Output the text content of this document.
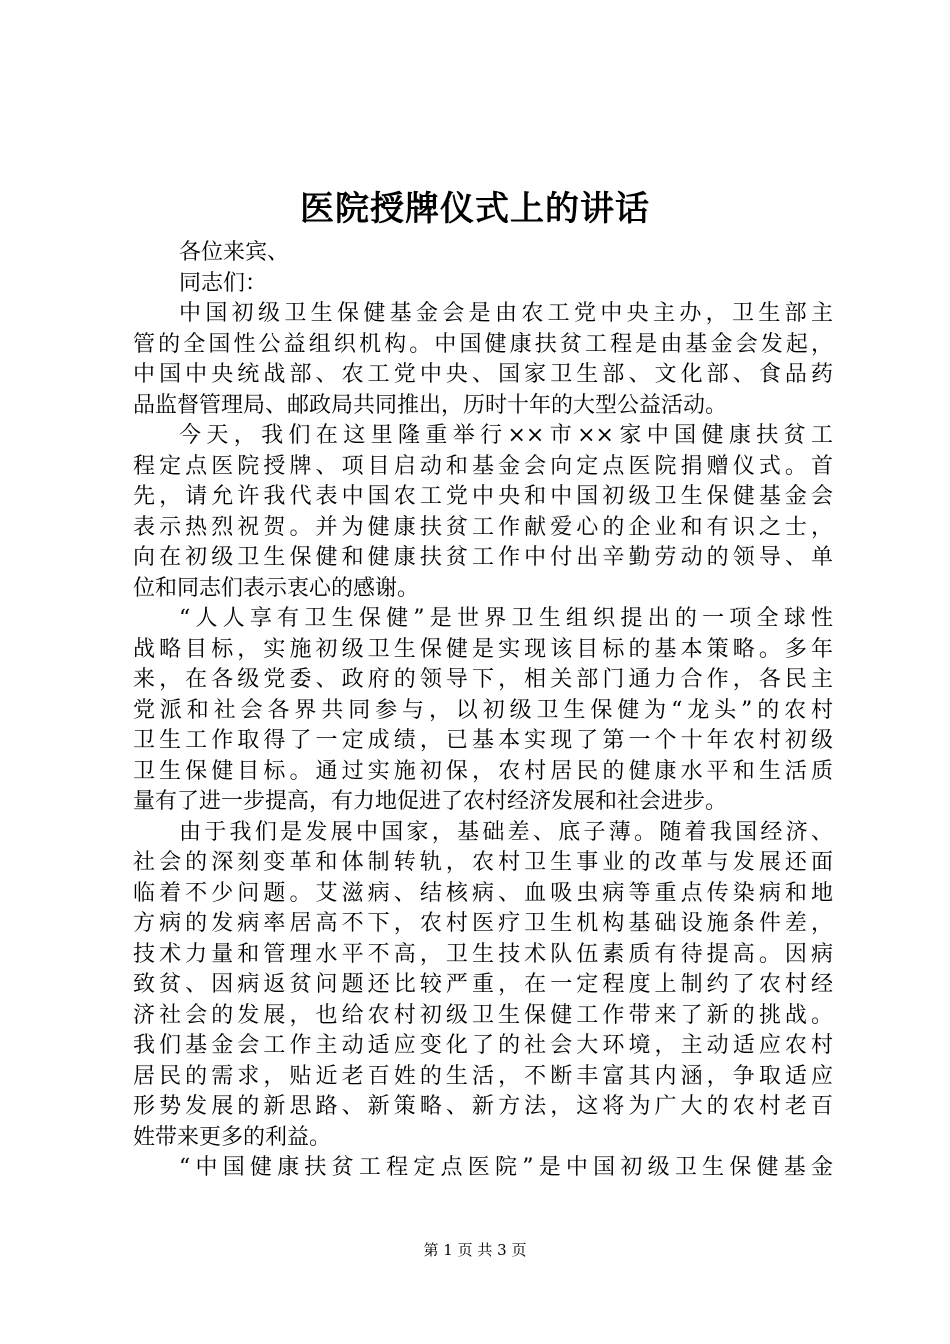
医院授牌仪式上的讲话
各位来宾、
同志们：
中国初级卫生保健基金会是由农工党中央主办，卫生部主
管的全国性公益组织机构。中国健康扶贫工程是由基金会发起，
中国中央统战部、农工党中央、国家卫生部、文化部、食品药
品监督管理局、邮政局共同推出，历时十年的大型公益活动。
今天，我们在这里隆重举行××市××家中国健康扶贫工
程定点医院授牌、项目启动和基金会向定点医院捐赠仪式。首
先，请允许我代表中国农工党中央和中国初级卫生保健基金会
表示热烈祝贺。并为健康扶贫工作献爱心的企业和有识之士，
向在初级卫生保健和健康扶贫工作中付出辛勤劳动的领导、单
位和同志们表示衷心的感谢。
“人人享有卫生保健”是世界卫生组织提出的一项全球性
战略目标，实施初级卫生保健是实现该目标的基本策略。多年
来，在各级党委、政府的领导下，相关部门通力合作，各民主
党派和社会各界共同参与，以初级卫生保健为“龙头”的农村
卫生工作取得了一定成绩，已基本实现了第一个十年农村初级
卫生保健目标。通过实施初保，农村居民的健康水平和生活质
量有了进一步提高，有力地促进了农村经济发展和社会进步。
由于我们是发展中国家，基础差、底子薄。随着我国经济、
社会的深刻变革和体制转轨，农村卫生事业的改革与发展还面
临着不少问题。艾滋病、结核病、血吸虫病等重点传染病和地
方病的发病率居高不下，农村医疗卫生机构基础设施条件差，
技术力量和管理水平不高，卫生技术队伍素质有待提高。因病
致贫、因病返贫问题还比较严重，在一定程度上制约了农村经
济社会的发展，也给农村初级卫生保健工作带来了新的挑战。
我们基金会工作主动适应变化了的社会大环境，主动适应农村
居民的需求，贴近老百姓的生活，不断丰富其内涵，争取适应
形势发展的新思路、新策略、新方法，这将为广大的农村老百
姓带来更多的利益。
“中国健康扶贫工程定点医院”是中国初级卫生保健基金
第 1 页 共 3 页
